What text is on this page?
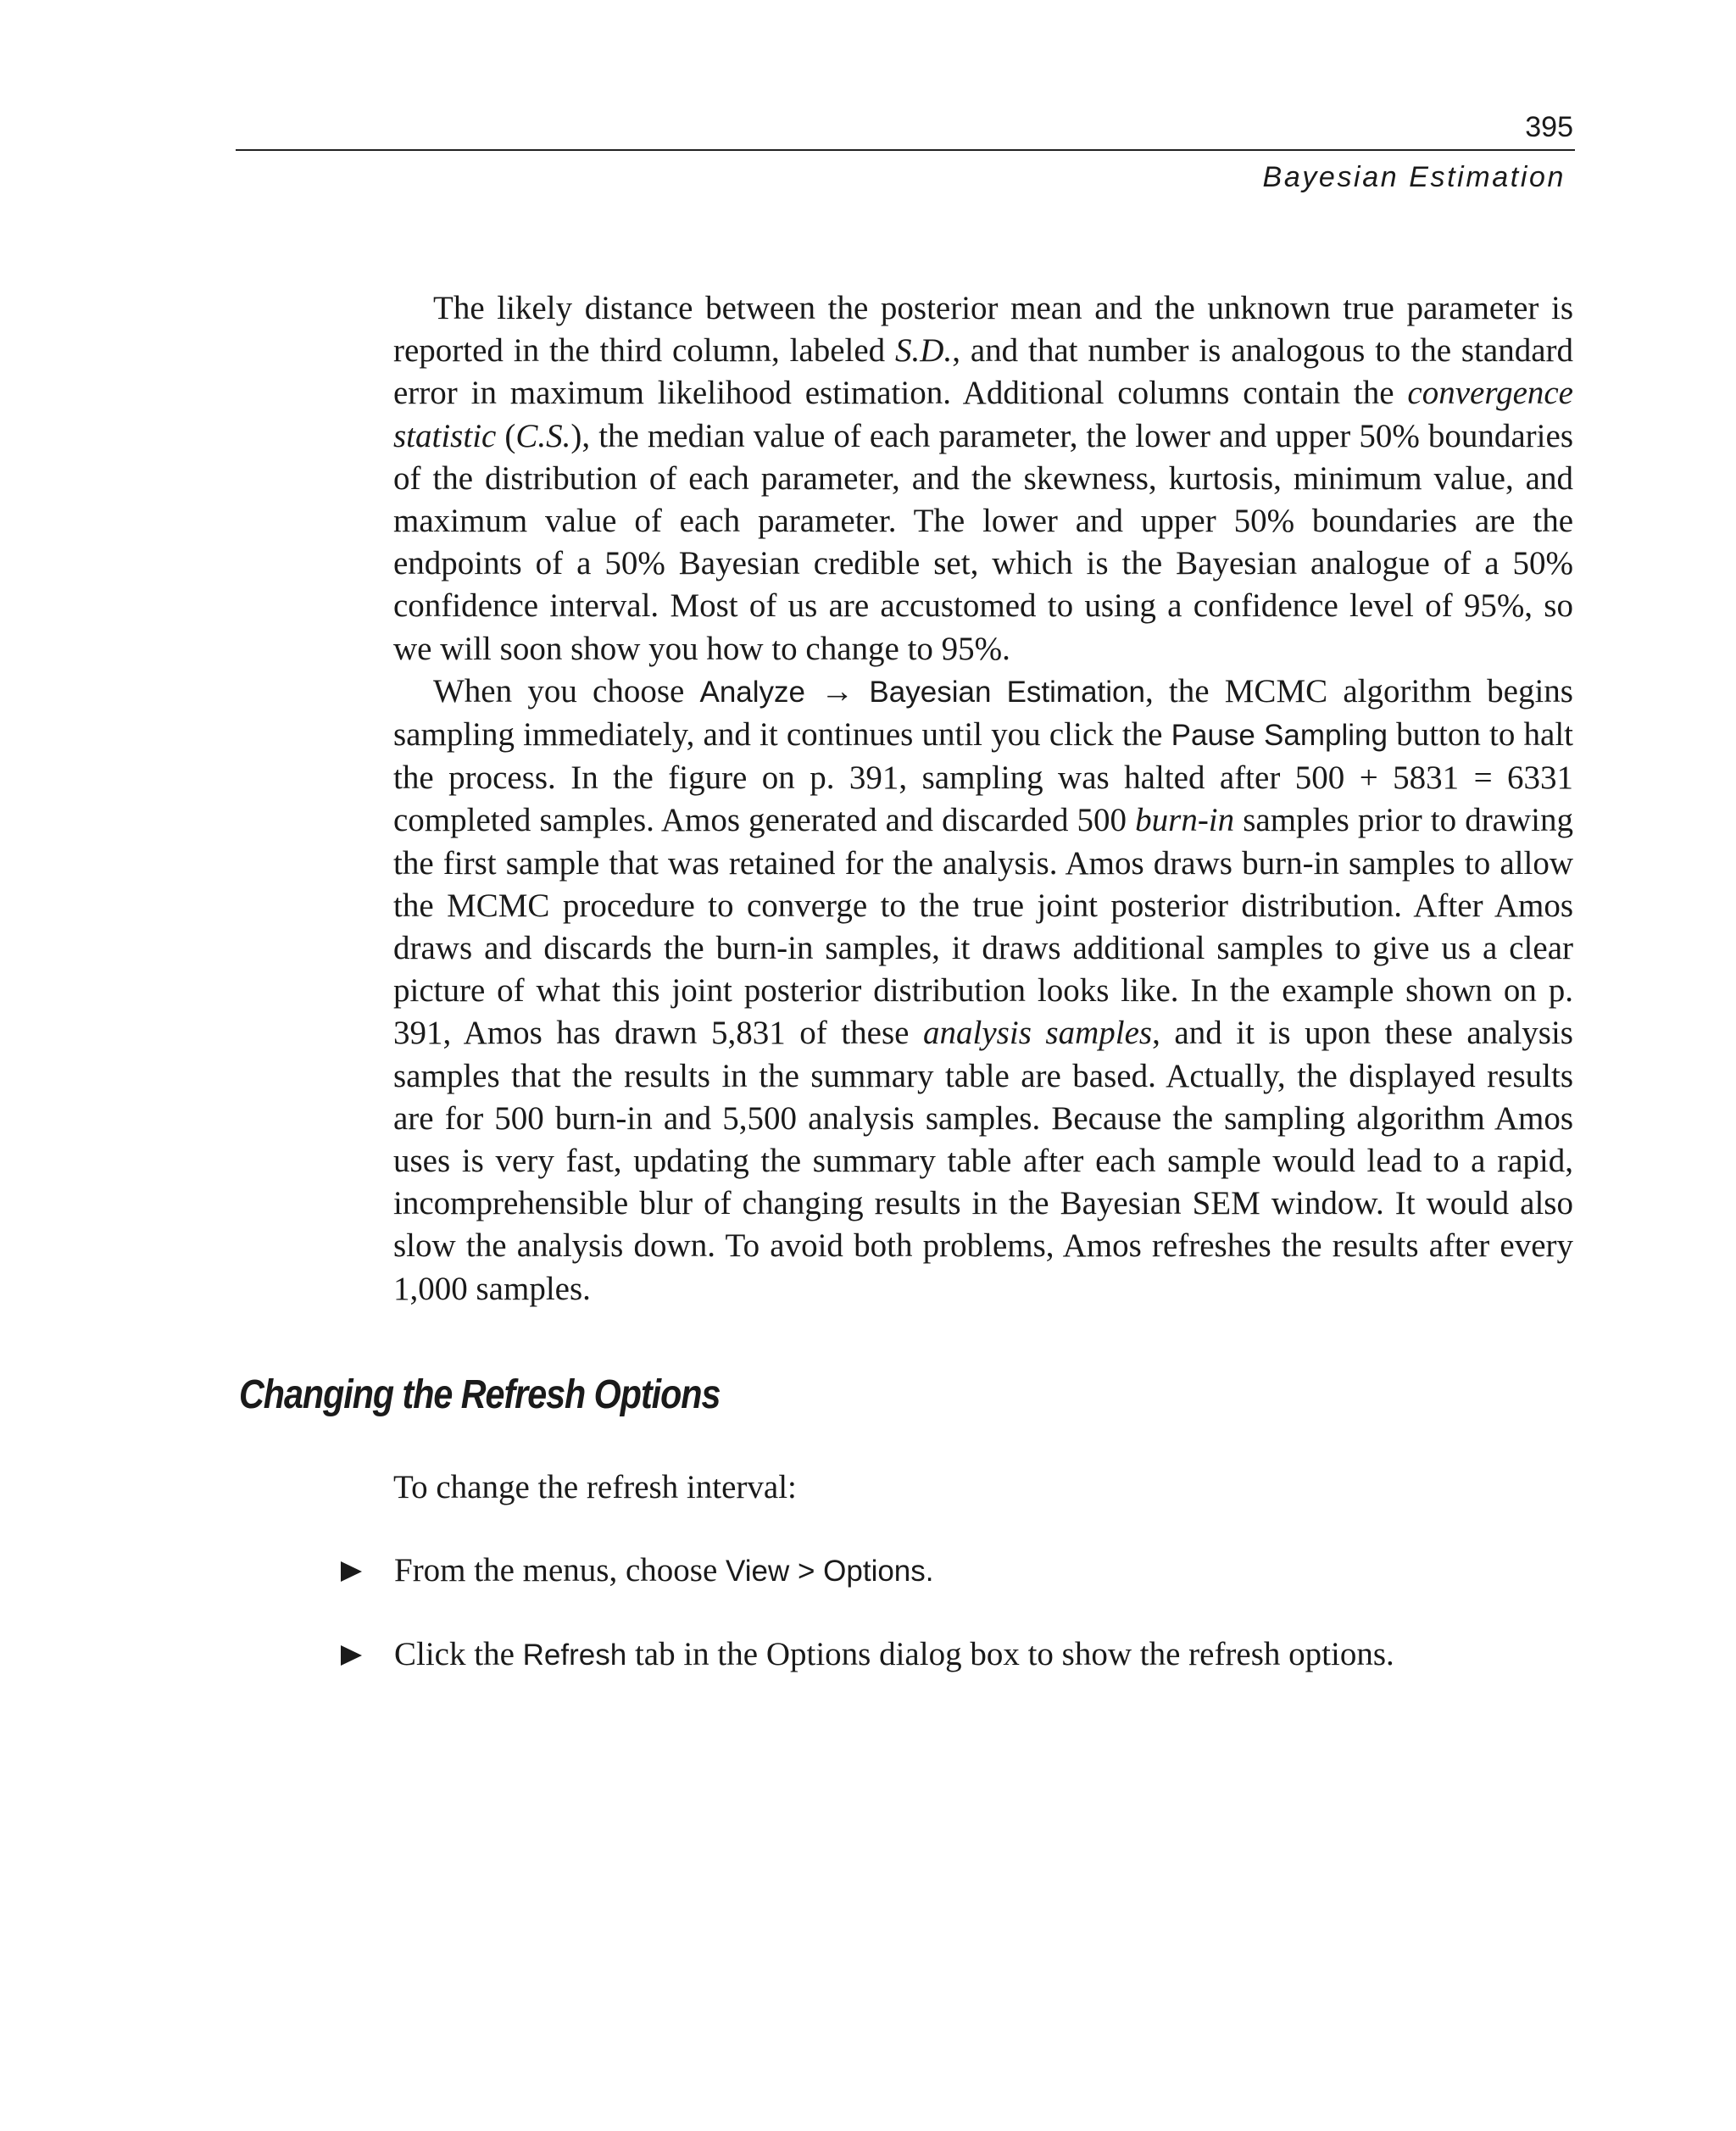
395
Bayesian Estimation

The likely distance between the posterior mean and the unknown true parameter is reported in the third column, labeled S.D., and that number is analogous to the standard error in maximum likelihood estimation. Additional columns contain the convergence statistic (C.S.), the median value of each parameter, the lower and upper 50% boundaries of the distribution of each parameter, and the skewness, kurtosis, minimum value, and maximum value of each parameter. The lower and upper 50% boundaries are the endpoints of a 50% Bayesian credible set, which is the Bayesian analogue of a 50% confidence interval. Most of us are accustomed to using a confidence level of 95%, so we will soon show you how to change to 95%.

When you choose Analyze → Bayesian Estimation, the MCMC algorithm begins sampling immediately, and it continues until you click the Pause Sampling button to halt the process. In the figure on p. 391, sampling was halted after 500 + 5831 = 6331 completed samples. Amos generated and discarded 500 burn-in samples prior to drawing the first sample that was retained for the analysis. Amos draws burn-in samples to allow the MCMC procedure to converge to the true joint posterior distribution. After Amos draws and discards the burn-in samples, it draws additional samples to give us a clear picture of what this joint posterior distribution looks like. In the example shown on p. 391, Amos has drawn 5,831 of these analysis samples, and it is upon these analysis samples that the results in the summary table are based. Actually, the displayed results are for 500 burn-in and 5,500 analysis samples. Because the sampling algorithm Amos uses is very fast, updating the summary table after each sample would lead to a rapid, incomprehensible blur of changing results in the Bayesian SEM window. It would also slow the analysis down. To avoid both problems, Amos refreshes the results after every 1,000 samples.

Changing the Refresh Options

To change the refresh interval:

From the menus, choose View > Options.
Click the Refresh tab in the Options dialog box to show the refresh options.
